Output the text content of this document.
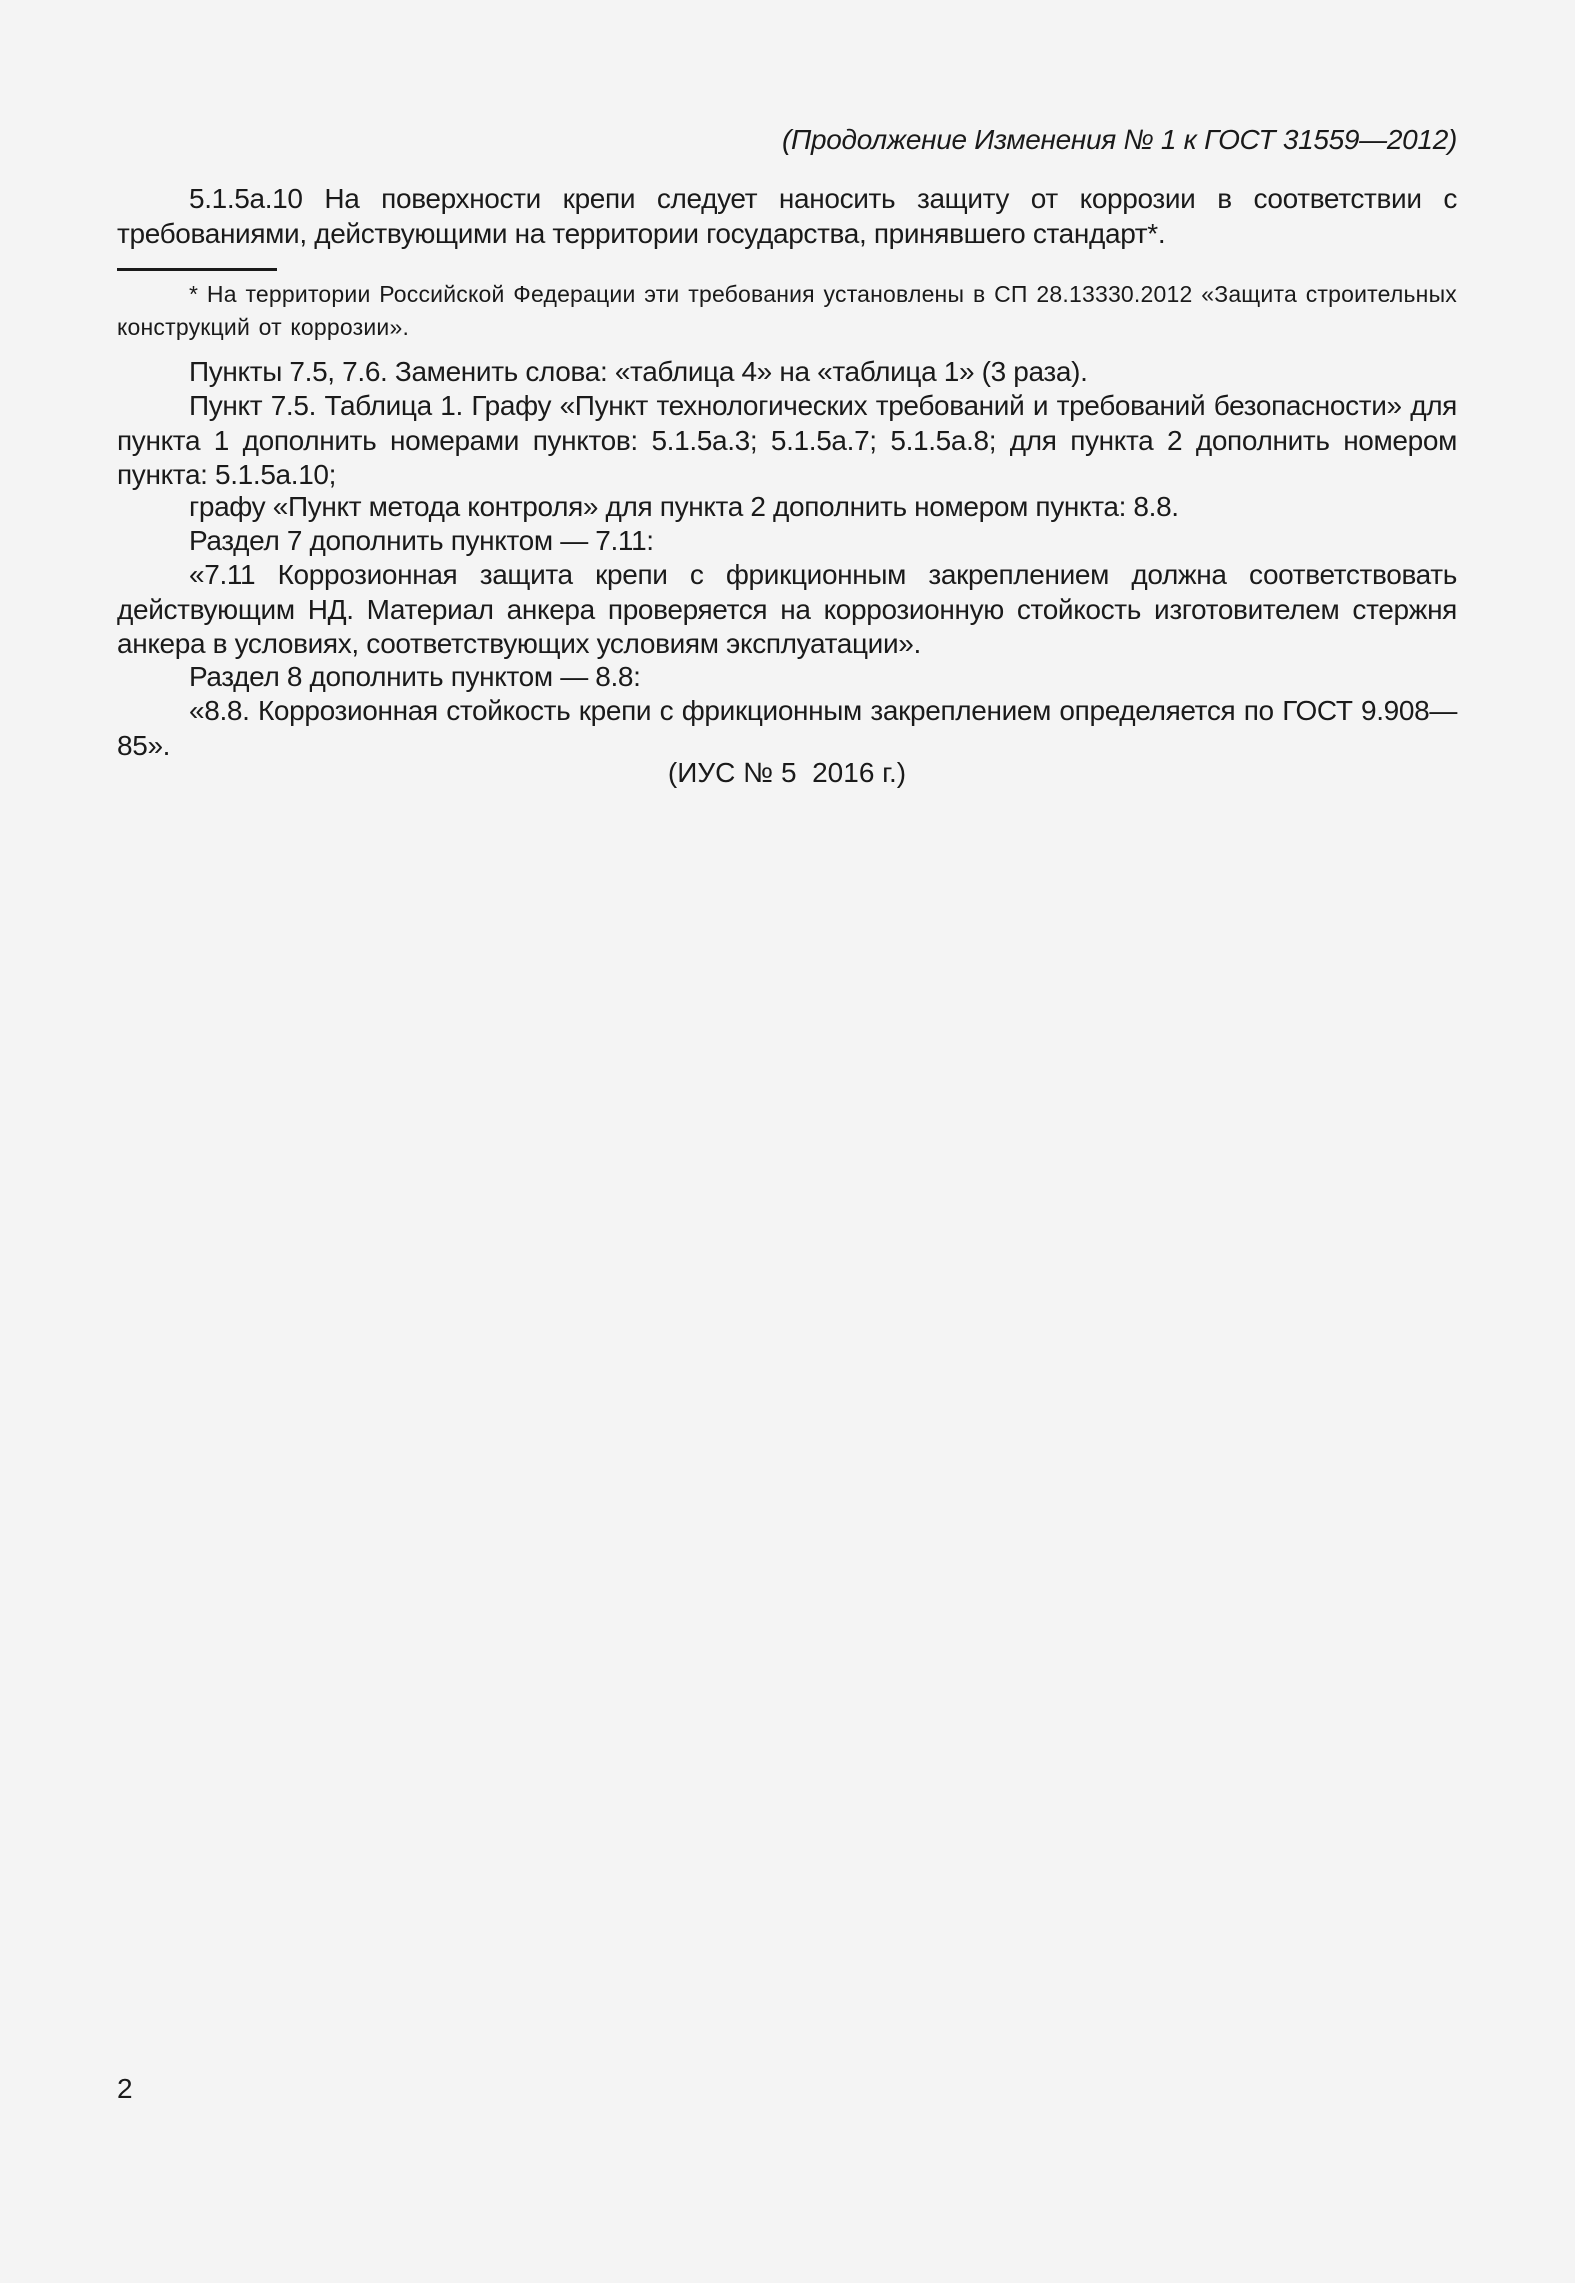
(Продолжение Изменения № 1 к ГОСТ 31559—2012)

5.1.5а.10 На поверхности крепи следует наносить защиту от коррозии в соответствии с требованиями, действующими на территории государства, принявшего стандарт*.

* На территории Российской Федерации эти требования установлены в СП 28.13330.2012 «Защита строительных конструкций от коррозии».

Пункты 7.5, 7.6. Заменить слова: «таблица 4» на «таблица 1» (3 раза).

Пункт 7.5. Таблица 1. Графу «Пункт технологических требований и требований безопасности» для пункта 1 дополнить номерами пунктов: 5.1.5а.3; 5.1.5а.7; 5.1.5а.8; для пункта 2 дополнить номером пункта: 5.1.5а.10;

графу «Пункт метода контроля» для пункта 2 дополнить номером пункта: 8.8.

Раздел 7 дополнить пунктом — 7.11:

«7.11 Коррозионная защита крепи с фрикционным закреплением должна соответствовать действующим НД. Материал анкера проверяется на коррозионную стойкость изготовителем стержня анкера в условиях, соответствующих условиям эксплуатации».

Раздел 8 дополнить пунктом — 8.8:

«8.8. Коррозионная стойкость крепи с фрикционным закреплением определяется по ГОСТ 9.908—85».

(ИУС № 5  2016 г.)
2
